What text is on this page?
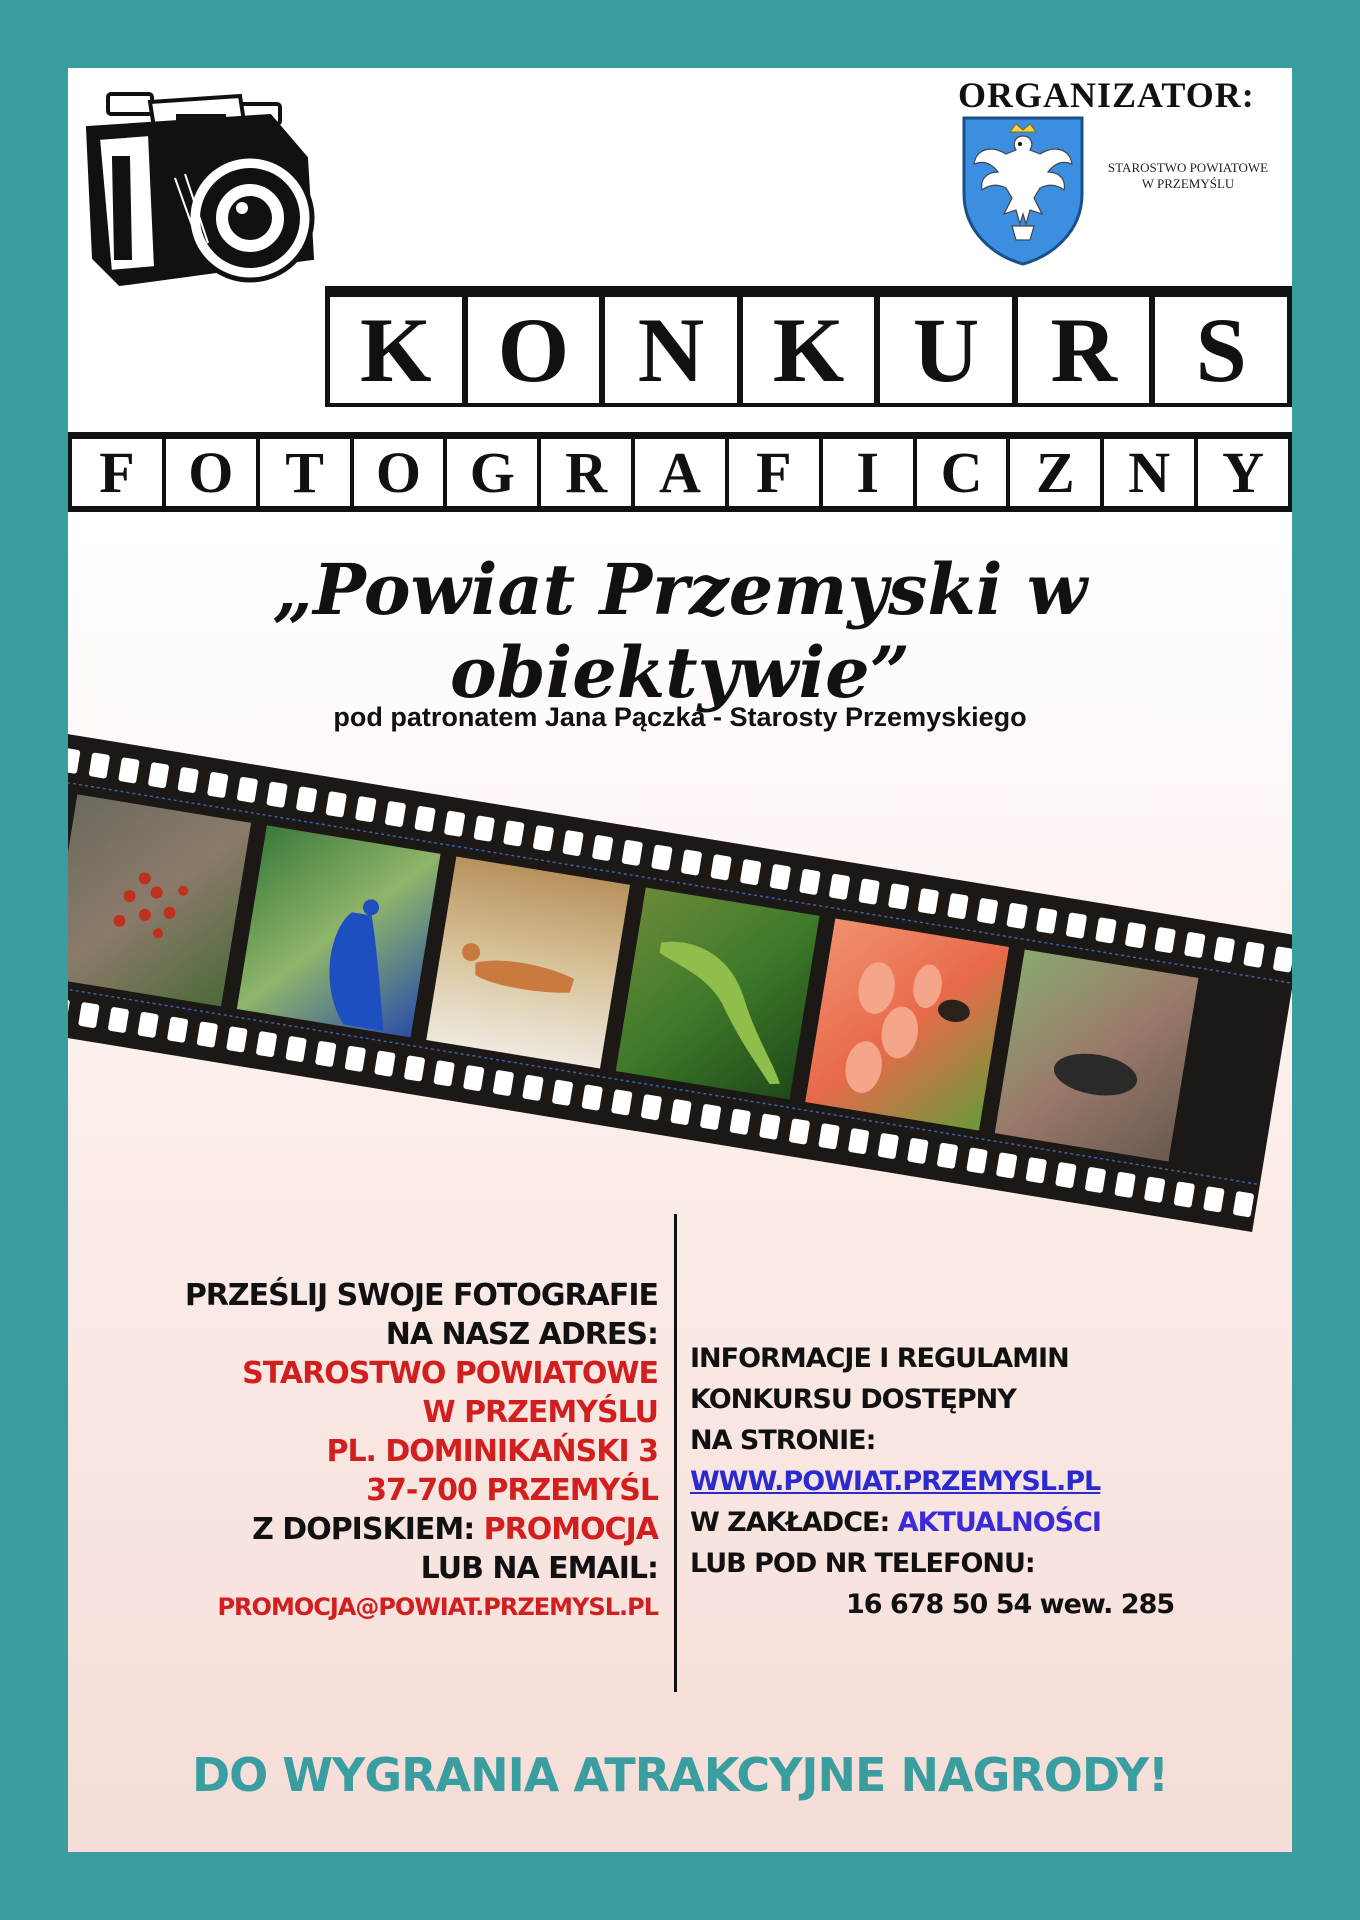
ORGANIZATOR:
STAROSTWO POWIATOWE
W PRZEMYŚLU
K O N K U R S
F O T O G R A F	I	C Z N Y
„Powiat Przemyski w obiektywie”
pod patronatem Jana Pączka - Starosty Przemyskiego
PRZEŚLIJ SWOJE FOTOGRAFIE
NA NASZ ADRES:
STAROSTWO POWIATOWE
W PRZEMYŚLU
PL. DOMINIKAŃSKI 3
37-700 PRZEMYŚL
Z DOPISKIEM: PROMOCJA
LUB NA EMAIL:
PROMOCJA@POWIAT.PRZEMYSL.PL
INFORMACJE I REGULAMIN
KONKURSU DOSTĘPNY
NA STRONIE:
WWW.POWIAT.PRZEMYSL.PL
W ZAKŁADCE: AKTUALNOŚCI
LUB POD NR TELEFONU:
16 678 50 54 wew. 285
DO WYGRANIA ATRAKCYJNE NAGRODY!
